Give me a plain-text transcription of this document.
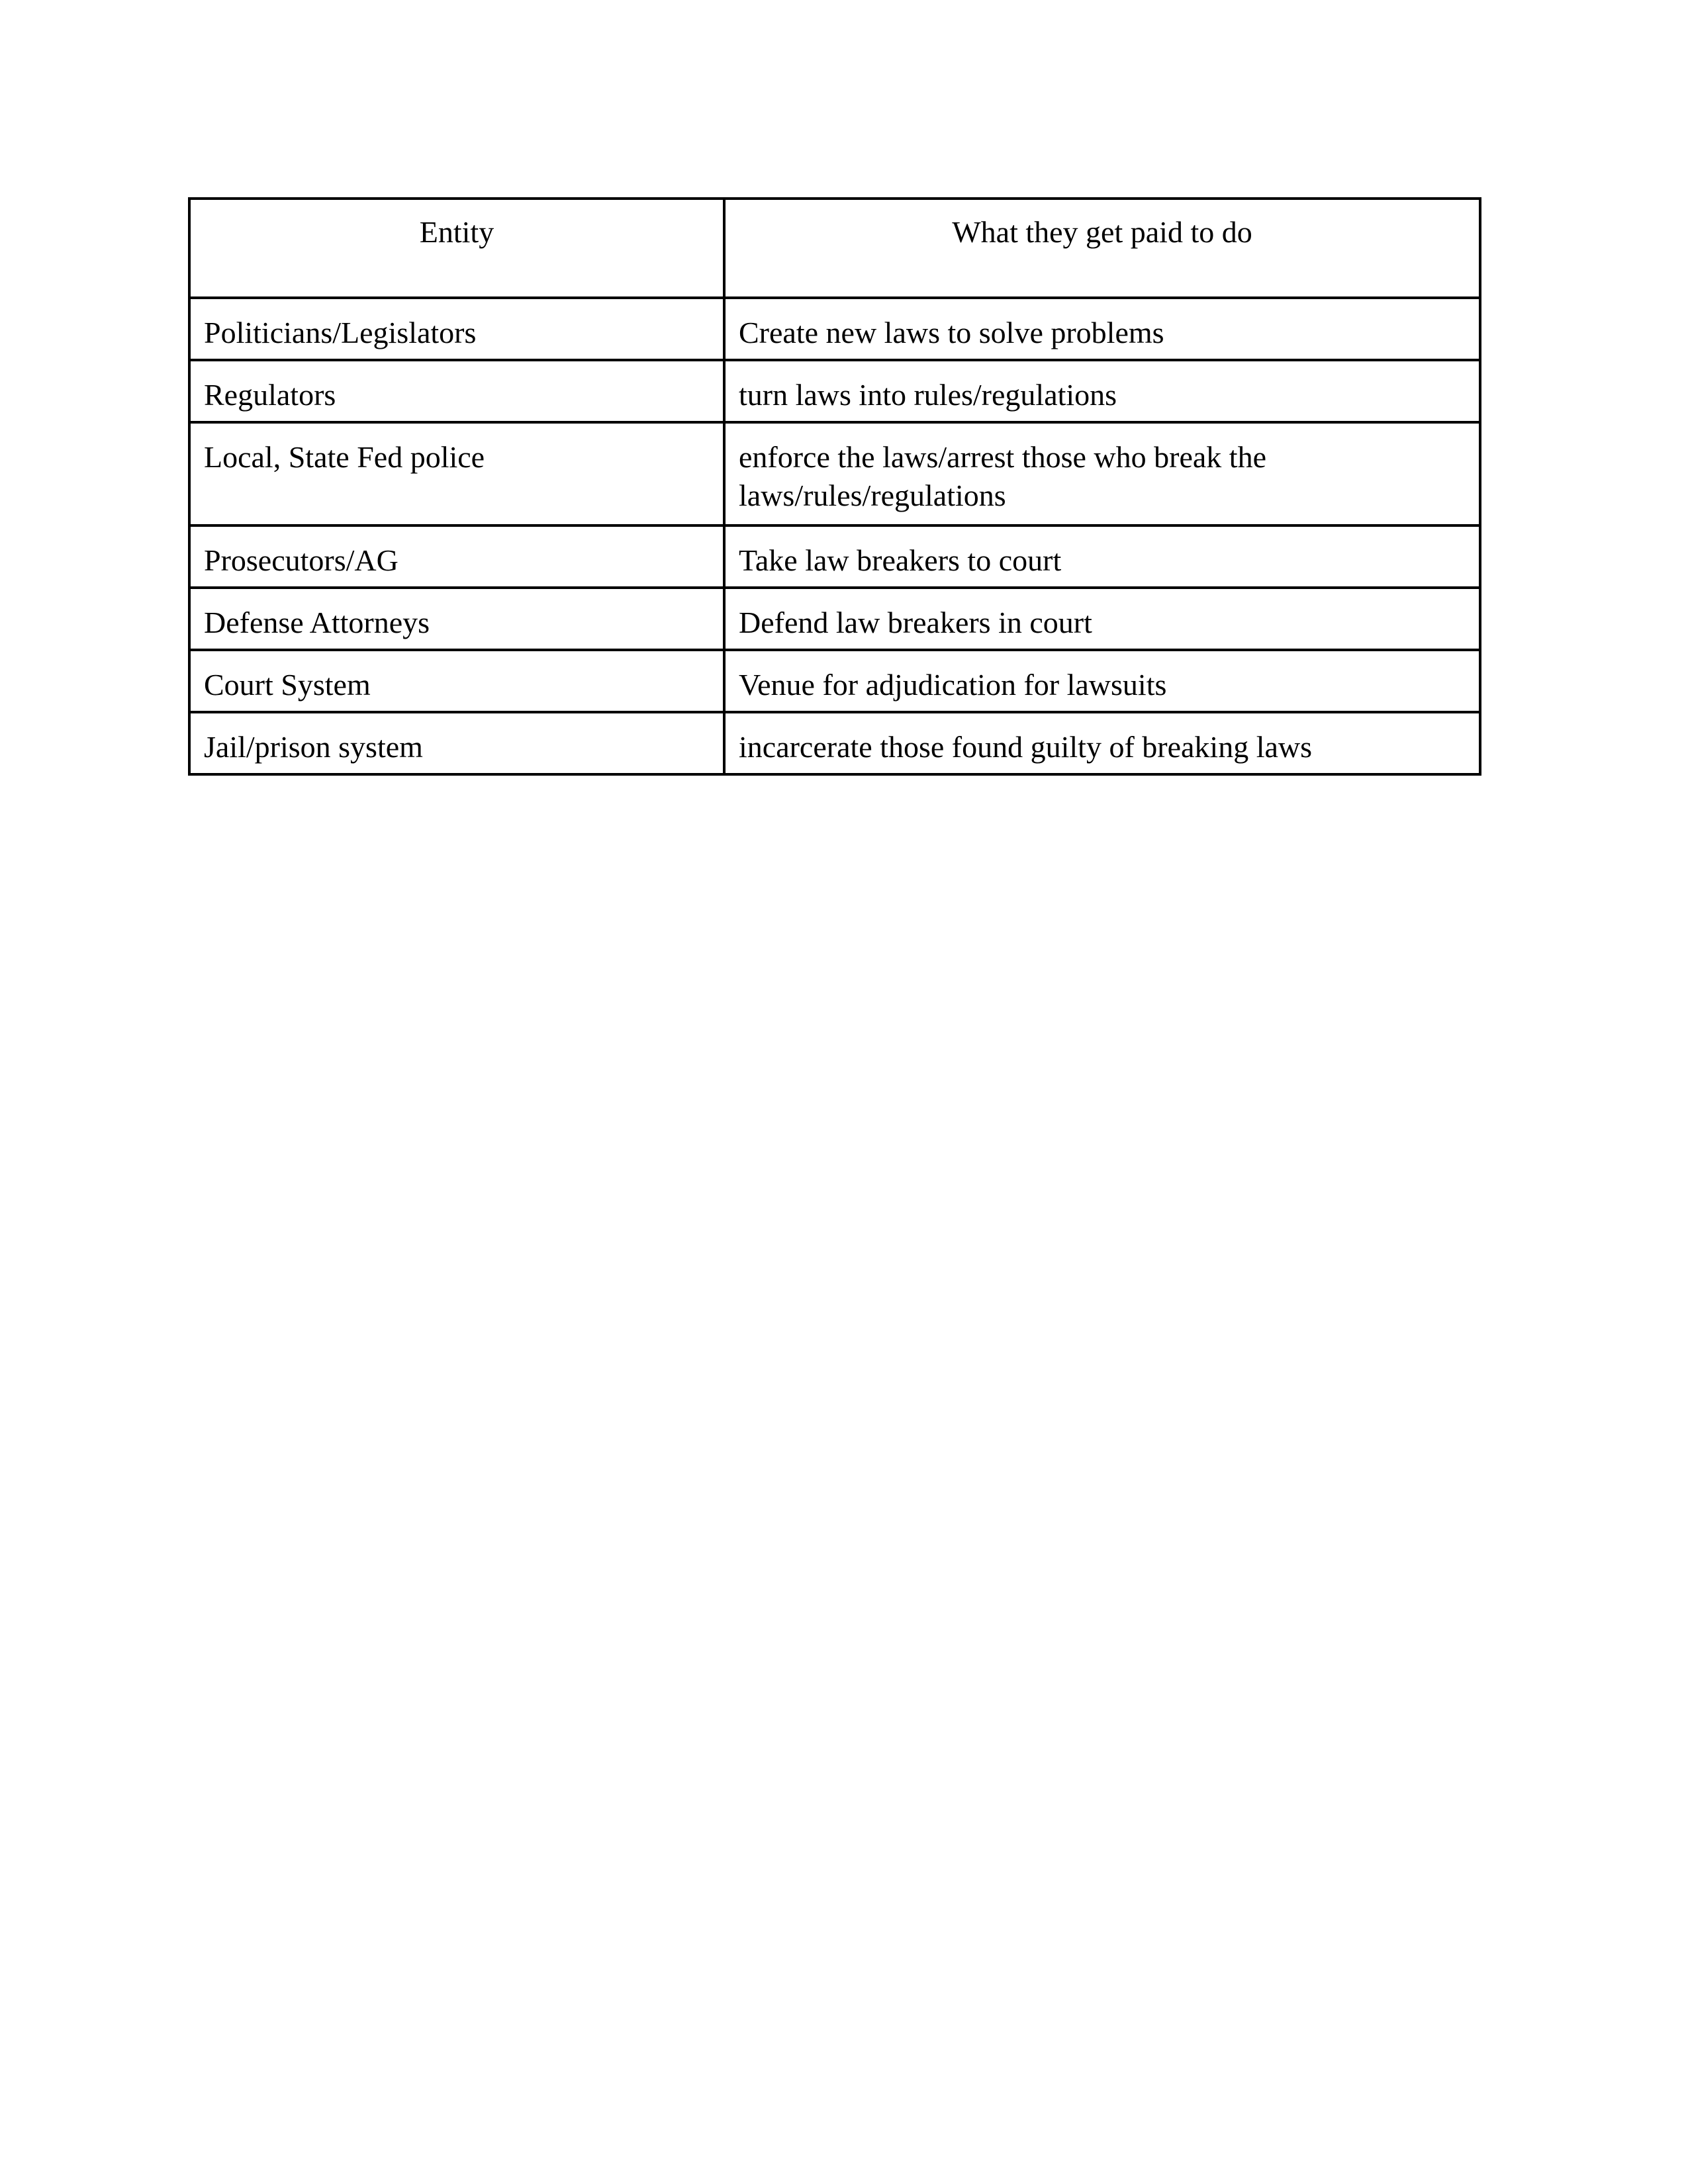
Entity	What they get paid to do
Politicians/Legislators	Create new laws to solve problems
Regulators	turn laws into rules/regulations
Local, State Fed police	enforce the laws/arrest those who break the laws/rules/regulations
Prosecutors/AG	Take law breakers to court
Defense Attorneys	Defend law breakers in court
Court System	Venue for adjudication for lawsuits
Jail/prison system	incarcerate those found guilty of breaking laws
